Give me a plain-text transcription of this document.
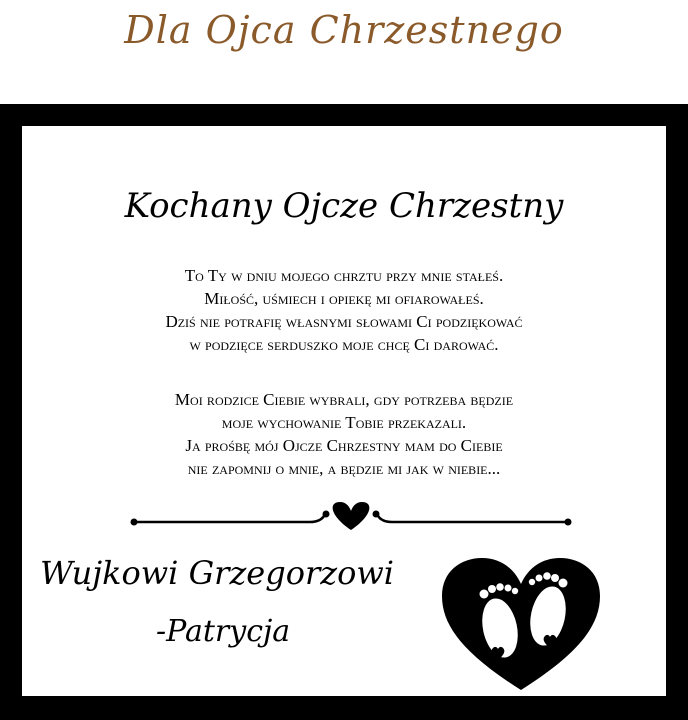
Dla Ojca Chrzestnego
Kochany Ojcze Chrzestny
To Ty w dniu mojego chrztu przy mnie stałeś.
Miłość, uśmiech i opiekę mi ofiarowałeś.
Dziś nie potrafię własnymi słowami Ci podziękować
w podzięce serduszko moje chcę Ci darować.
Moi rodzice Ciebie wybrali, gdy potrzeba będzie
moje wychowanie Tobie przekazali.
Ja prośbę mój Ojcze Chrzestny mam do Ciebie
nie zapomnij o mnie, a będzie mi jak w niebie...
Wujkowi Grzegorzowi
-Patrycja
